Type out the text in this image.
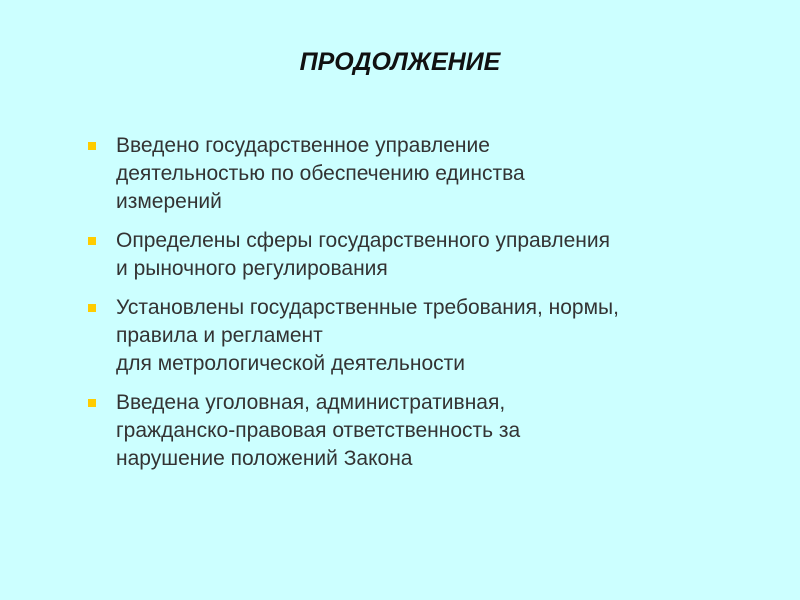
ПРОДОЛЖЕНИЕ
Введено государственное управление
деятельностью по обеспечению единства
измерений
Определены сферы государственного управления
и рыночного регулирования
Установлены государственные требования, нормы,
правила и регламент
для метрологической деятельности
Введена уголовная, административная,
гражданско-правовая ответственность за
нарушение положений Закона
